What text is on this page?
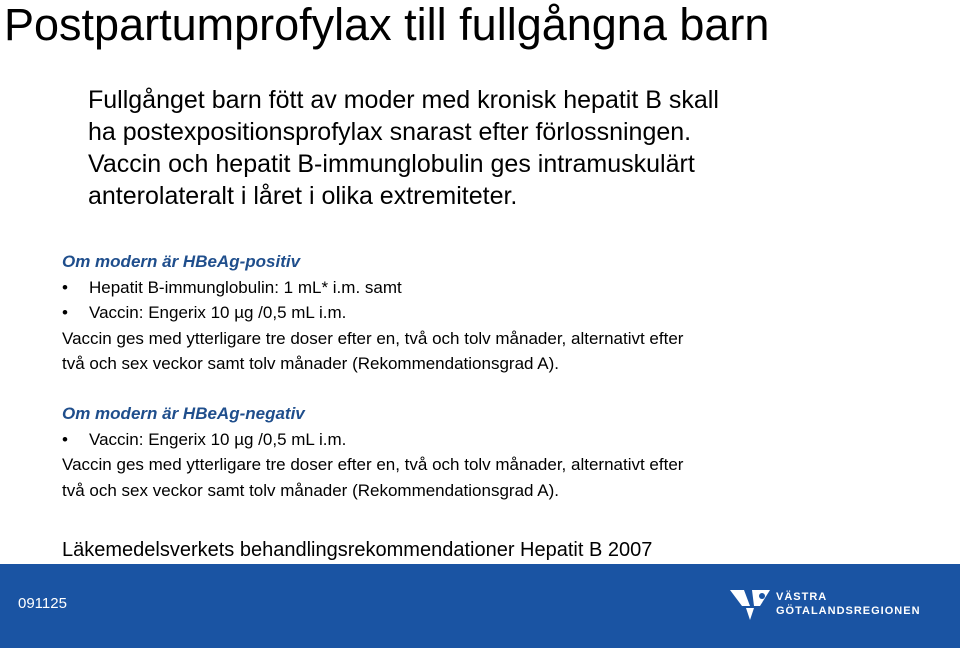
Postpartumprofylax till fullgångna barn
Fullgånget barn fött av moder med kronisk hepatit B skall
ha postexpositionsprofylax snarast efter förlossningen.
Vaccin och hepatit B-immunglobulin ges intramuskulärt
anterolateralt i låret i olika extremiteter.
Om modern är HBeAg-positiv
• Hepatit B-immunglobulin: 1 mL* i.m. samt
• Vaccin: Engerix 10 µg /0,5 mL i.m.
Vaccin ges med ytterligare tre doser efter en, två och tolv månader, alternativt efter
två och sex veckor samt tolv månader (Rekommendationsgrad A).
Om modern är HBeAg-negativ
• Vaccin: Engerix 10 µg /0,5 mL i.m.
Vaccin ges med ytterligare tre doser efter en, två och tolv månader, alternativt efter
två och sex veckor samt tolv månader (Rekommendationsgrad A).
Läkemedelsverkets behandlingsrekommendationer Hepatit B 2007
091125	VÄSTRA
GÖTALANDSREGIONEN
